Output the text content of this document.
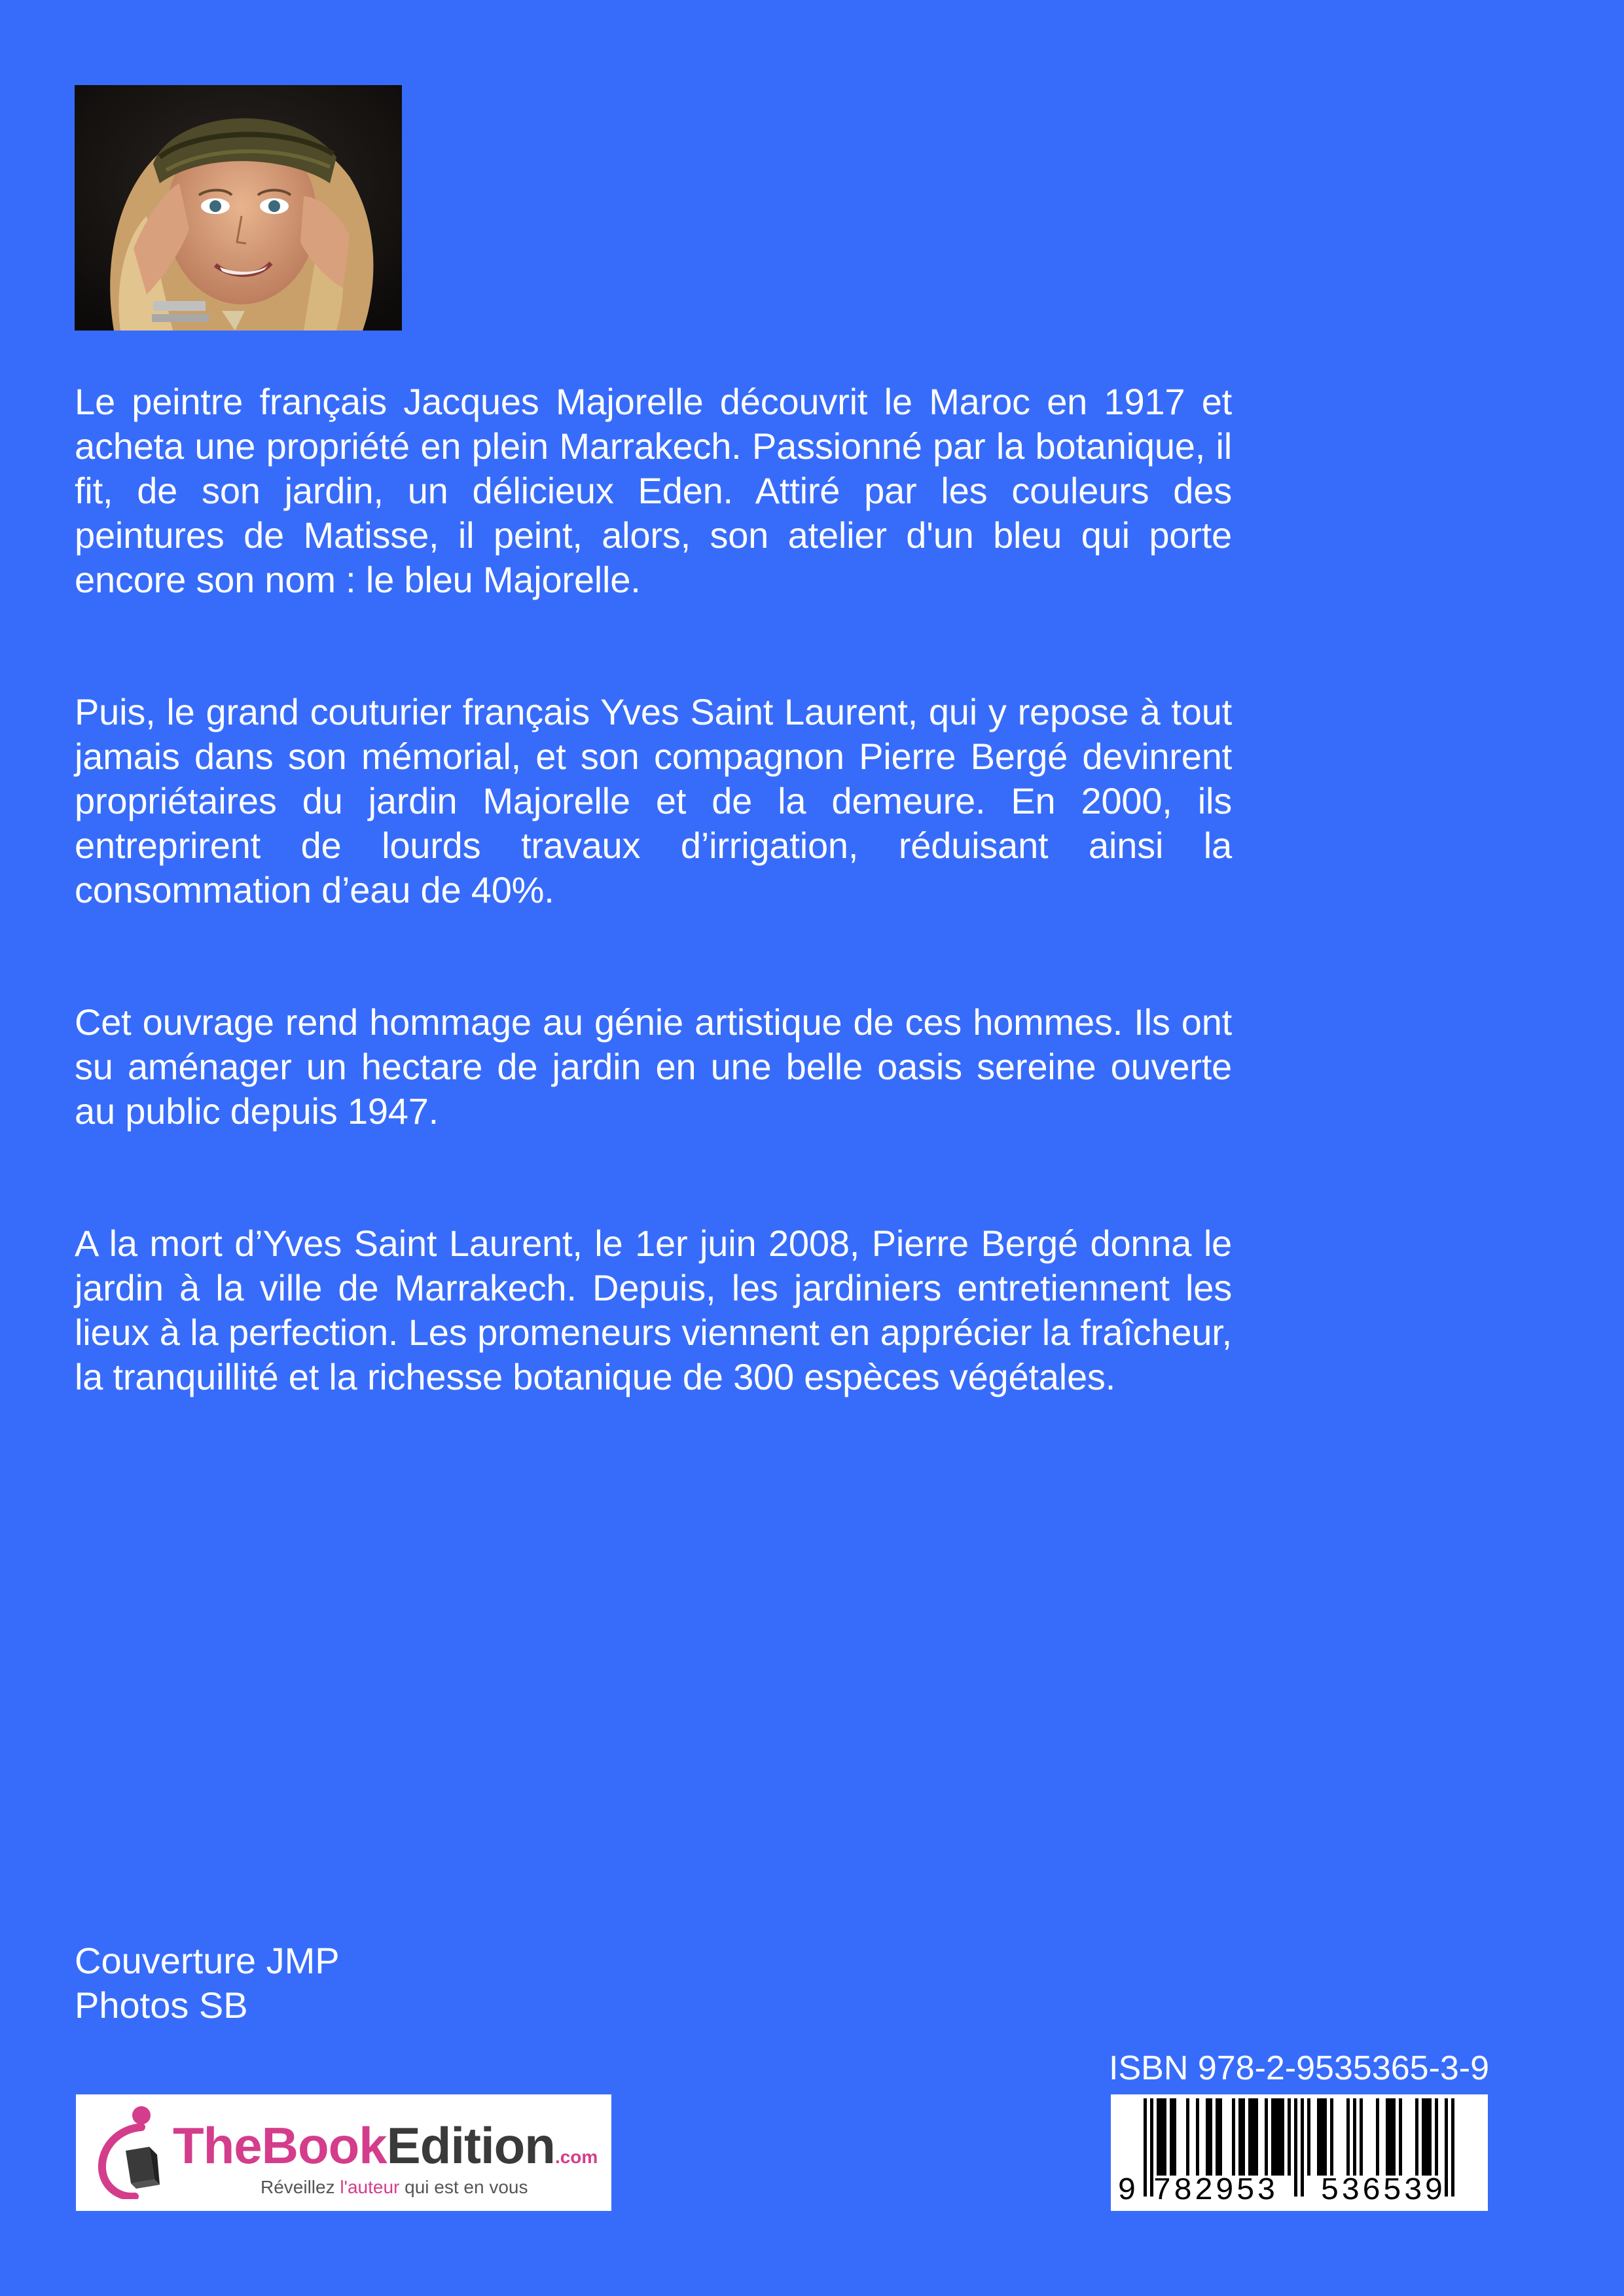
Le peintre français Jacques Majorelle découvrit le Maroc en 1917 et acheta une propriété en plein Marrakech. Passionné par la botanique, il fit, de son jardin, un délicieux Eden. Attiré par les couleurs des peintures de Matisse, il peint, alors, son atelier d'un bleu qui porte encore son nom : le bleu Majorelle.

Puis, le grand couturier français Yves Saint Laurent, qui y repose à tout jamais dans son mémorial, et son compagnon Pierre Bergé devinrent propriétaires du jardin Majorelle et de la demeure. En 2000, ils entreprirent de lourds travaux d’irrigation, réduisant ainsi la consommation d’eau de 40%.

Cet ouvrage rend hommage au génie artistique de ces hommes. Ils ont su aménager un hectare de jardin en une belle oasis sereine ouverte au public depuis 1947.

A la mort d’Yves Saint Laurent, le 1er juin 2008, Pierre Bergé donna le jardin à la ville de Marrakech. Depuis, les jardiniers entretiennent les lieux à la perfection. Les promeneurs viennent en apprécier la fraîcheur, la tranquillité et la richesse botanique de 300 espèces végétales.

Couverture JMP
Photos SB
TheBookEdition.com
Réveillez l'auteur qui est en vous
ISBN 978-2-9535365-3-9
9 782953 536539
